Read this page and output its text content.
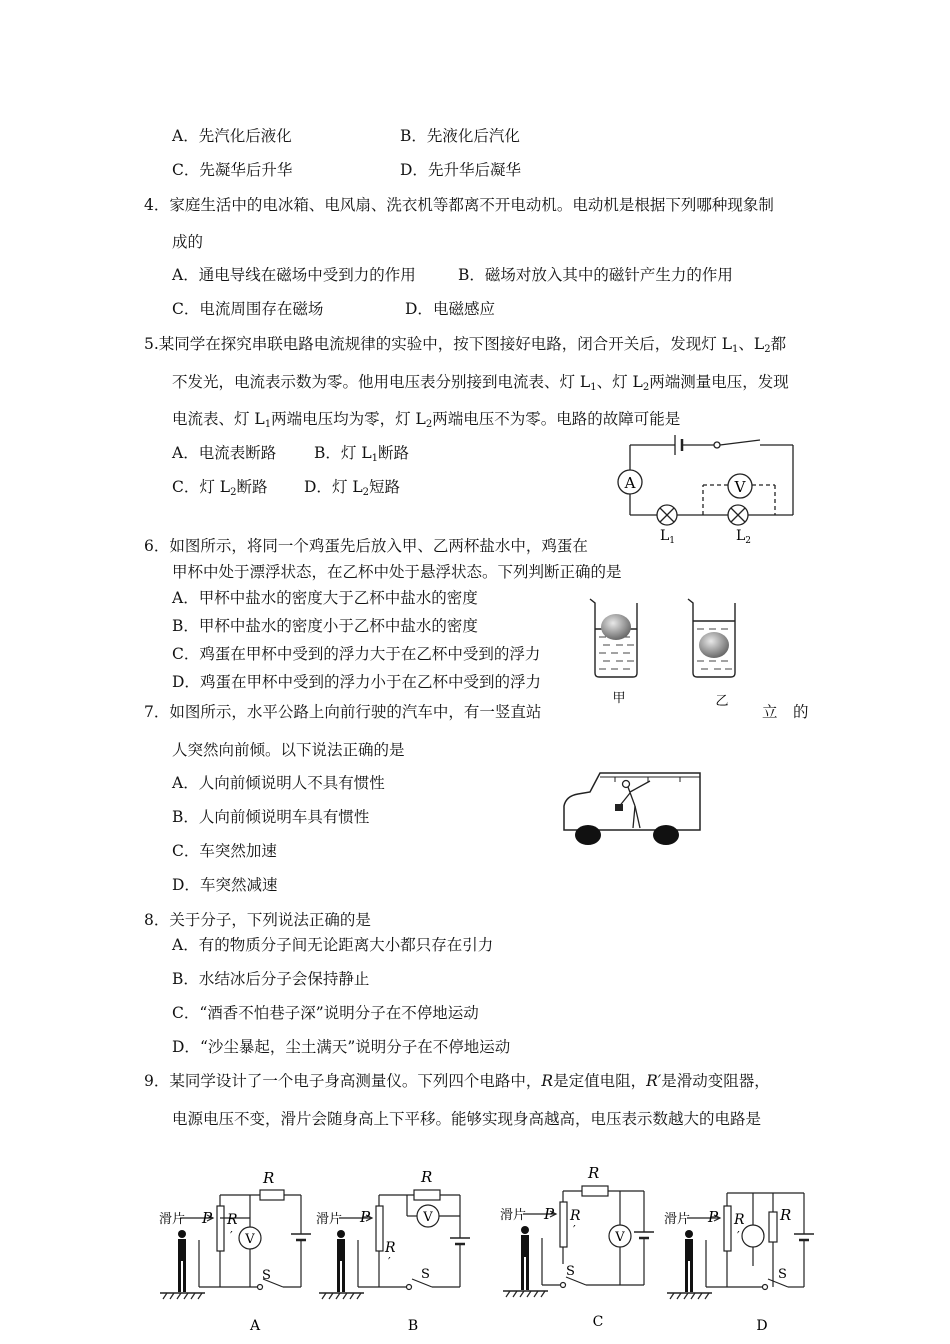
A．先汽化后液化	B．先液化后汽化
C．先凝华后升华	D．先升华后凝华
4．家庭生活中的电冰箱、电风扇、洗衣机等都离不开电动机。电动机是根据下列哪种现象制
成的
A．通电导线在磁场中受到力的作用	B．磁场对放入其中的磁针产生力的作用
C．电流周围存在磁场	D．电磁感应
5.某同学在探究串联电路电流规律的实验中，按下图接好电路，闭合开关后，发现灯 $L_1$、$L_2$都
不发光，电流表示数为零。他用电压表分别接到电流表、灯 $L_1$、灯 $L_2$两端测量电压，发现
电流表、灯 $L_1$两端电压均为零，灯 $L_2$两端电压不为零。电路的故障可能是
A．电流表断路 B．灯 $L_1$断路
C．灯 $L_2$断路 D．灯 $L_2$短路	A	V
$L_1$	$L_2$
6．如图所示，将同一个鸡蛋先后放入甲、乙两杯盐水中，鸡蛋在
甲杯中处于漂浮状态，在乙杯中处于悬浮状态。下列判断正确的是
A．甲杯中盐水的密度大于乙杯中盐水的密度
B．甲杯中盐水的密度小于乙杯中盐水的密度
C．鸡蛋在甲杯中受到的浮力大于在乙杯中受到的浮力
D．鸡蛋在甲杯中受到的浮力小于在乙杯中受到的浮力
甲	乙
7．如图所示，水平公路上向前行驶的汽车中，有一竖直站	立　的
人突然向前倾。以下说法正确的是
A．人向前倾说明人不具有惯性
B．人向前倾说明车具有惯性
C．车突然加速
D．车突然减速
8．关于分子，下列说法正确的是
A．有的物质分子间无论距离大小都只存在引力
B．水结冰后分子会保持静止
C．“酒香不怕巷子深”说明分子在不停地运动
D．“沙尘暴起，尘土满天”说明分子在不停地运动
9．某同学设计了一个电子身高测量仪。下列四个电路中，R是定值电阻，R′是滑动变阻器，
电源电压不变，滑片会随身高上下平移。能够实现身高越高，电压表示数越大的电路是
滑片 P R
′
R
V
S
A
滑片 P
R
′
R
V
S
B
滑片 P R
′
R
V
S
C
滑片 P R
′
R
S
D
